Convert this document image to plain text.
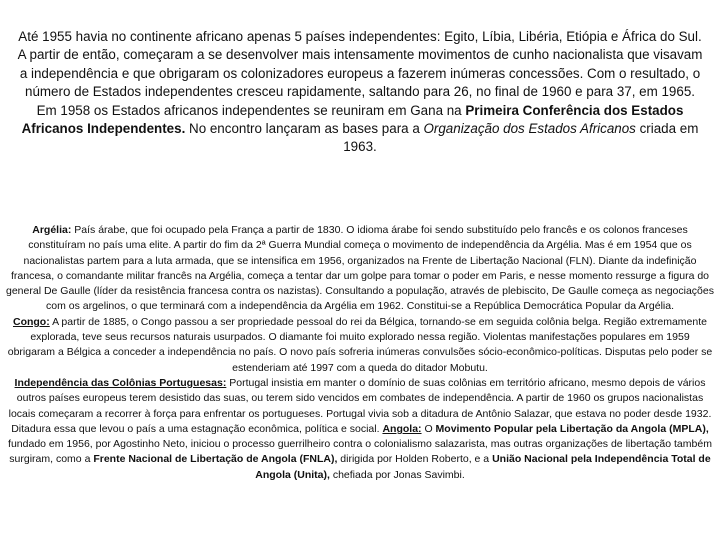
Até 1955 havia no continente africano apenas 5 países independentes: Egito, Líbia, Libéria, Etiópia e África do Sul. A partir de então, começaram a se desenvolver mais intensamente movimentos de cunho nacionalista que visavam a independência e que obrigaram os colonizadores europeus a fazerem inúmeras concessões. Com o resultado, o número de Estados independentes cresceu rapidamente, saltando para 26, no final de 1960 e para 37, em 1965. Em 1958 os Estados africanos independentes se reuniram em Gana na Primeira Conferência dos Estados Africanos Independentes. No encontro lançaram as bases para a Organização dos Estados Africanos criada em 1963.

Argélia: País árabe, que foi ocupado pela França a partir de 1830. O idioma árabe foi sendo substituído pelo francês e os colonos franceses constituíram no país uma elite. A partir do fim da 2ª Guerra Mundial começa o movimento de independência da Argélia. Mas é em 1954 que os nacionalistas partem para a luta armada, que se intensifica em 1956, organizados na Frente de Libertação Nacional (FLN). Diante da indefinição francesa, o comandante militar francês na Argélia, começa a tentar dar um golpe para tomar o poder em Paris, e nesse momento ressurge a figura do general De Gaulle (líder da resistência francesa contra os nazistas). Consultando a população, através de plebiscito, De Gaulle começa as negociações com os argelinos, o que terminará com a independência da Argélia em 1962. Constitui-se a República Democrática Popular da Argélia.

Congo: A partir de 1885, o Congo passou a ser propriedade pessoal do rei da Bélgica, tornando-se em seguida colônia belga. Região extremamente explorada, teve seus recursos naturais usurpados. O diamante foi muito explorado nessa região. Violentas manifestações populares em 1959 obrigaram a Bélgica a conceder a independência no país. O novo país sofreria inúmeras convulsões sócio-econômico-políticas. Disputas pelo poder se estenderiam até 1997 com a queda do ditador Mobutu.

Independência das Colônias Portuguesas: Portugal insistia em manter o domínio de suas colônias em território africano, mesmo depois de vários outros países europeus terem desistido das suas, ou terem sido vencidos em combates de independência. A partir de 1960 os grupos nacionalistas locais começaram a recorrer à força para enfrentar os portugueses. Portugal vivia sob a ditadura de Antônio Salazar, que estava no poder desde 1932. Ditadura essa que levou o país a uma estagnação econômica, política e social. Angola: O Movimento Popular pela Libertação da Angola (MPLA), fundado em 1956, por Agostinho Neto, iniciou o processo guerrilheiro contra o colonialismo salazarista, mas outras organizações de libertação também surgiram, como a Frente Nacional de Libertação de Angola (FNLA), dirigida por Holden Roberto, e a União Nacional pela Independência Total de Angola (Unita), chefiada por Jonas Savimbi.
